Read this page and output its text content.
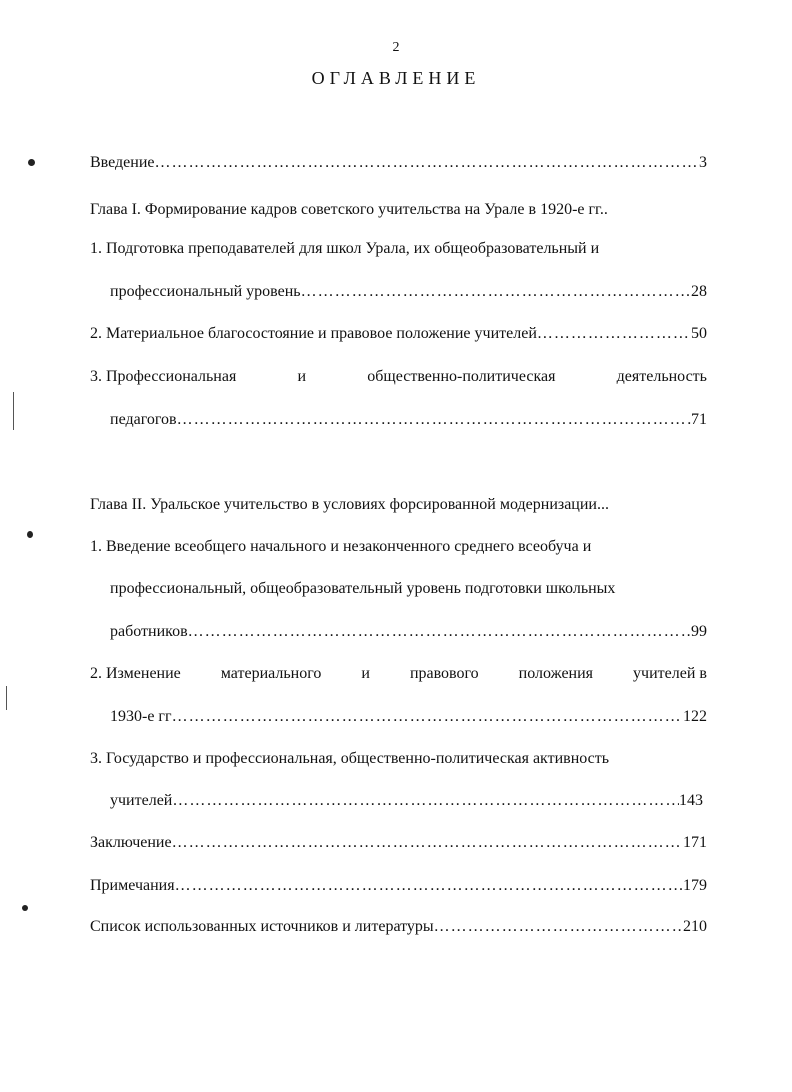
2
ОГЛАВЛЕНИЕ
Введение ………………………………………………………………………………………………………………………………………	3
Глава I. Формирование кадров советского учительства на Урале в 1920-е гг..
1. Подготовка преподавателей для школ Урала, их общеобразовательный и
профессиональный уровень ………………………………………………………………………………………………………………………………………	28
2. Материальное благосостояние и правовое положение учителей ………………………………………………………………………………………………………………………………………	50
3. Профессиональная	и	общественно-политическая	деятельность
педагогов ………………………………………………………………………………………………………………………………………	71
Глава II. Уральское учительство в условиях форсированной модернизации...
1. Введение всеобщего начального и незаконченного среднего всеобуча и
профессиональный, общеобразовательный уровень подготовки школьных
работников ………………………………………………………………………………………………………………………………………	99
2. Изменение	материального	и	правового	положения	учителей в
1930-е гг ………………………………………………………………………………………………………………………………………	122
3. Государство и профессиональная, общественно-политическая активность
учителей ………………………………………………………………………………………………………………………………………	143
Заключение ………………………………………………………………………………………………………………………………………	171
Примечания ………………………………………………………………………………………………………………………………………	179
Список использованных источников и литературы ………………………………………………………………………………………………………………………………………	210
